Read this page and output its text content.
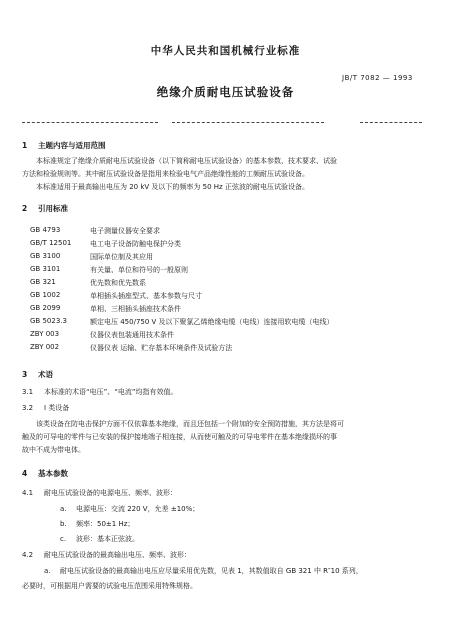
中华人民共和国机械行业标准
JB/T 7082 — 1993
绝缘介质耐电压试验设备
1 主题内容与适用范围
本标准规定了绝缘介质耐电压试验设备（以下简称耐电压试验设备）的基本参数、技术要求、试验
方法和检验规则等。其中耐压试验设备是指用来检验电气产品绝缘性能的工频耐压试验设备。
本标准适用于最高输出电压为 20 kV 及以下的频率为 50 Hz 正弦波的耐电压试验设备。
2 引用标准
GB 4793	电子测量仪器安全要求
GB/T 12501	电工电子设备防触电保护分类
GB 3100	国际单位制及其应用
GB 3101	有关量、单位和符号的一般原则
GB 321	优先数和优先数系
GB 1002	单相插头插座型式、基本参数与尺寸
GB 2099	单相、三相插头插座技术条件
GB 5023.3	额定电压 450/750 V 及以下聚氯乙烯绝缘电缆（电线）连接用软电缆（电线）
ZBY 003	仪器仪表包装通用技术条件
ZBY 002	仪器仪表 运输、贮存基本环境条件及试验方法
3 术语
3.1 本标准的术语“电压”、“电流”均指有效值。
3.2 I 类设备
该类设备在防电击保护方面不仅依靠基本绝缘，而且还包括一个附加的安全预防措施，其方法是将可
触及的可导电的零件与已安装的保护接地端子相连接，从而使可触及的可导电零件在基本绝缘损坏的事
故中不成为带电体。
4 基本参数
4.1 耐电压试验设备的电源电压、频率、波形：
a. 电源电压：交流 220 V，允差 ±10%；
b. 频率：50±1 Hz；
c. 波形：基本正弦波。
4.2 耐电压试验设备的最高输出电压、频率、波形：
a. 耐电压试验设备的最高输出电压应尽量采用优先数，见表 1，其数值取自 GB 321 中 R″10 系列，
必要时，可根据用户需要的试验电压范围采用特殊规格。
